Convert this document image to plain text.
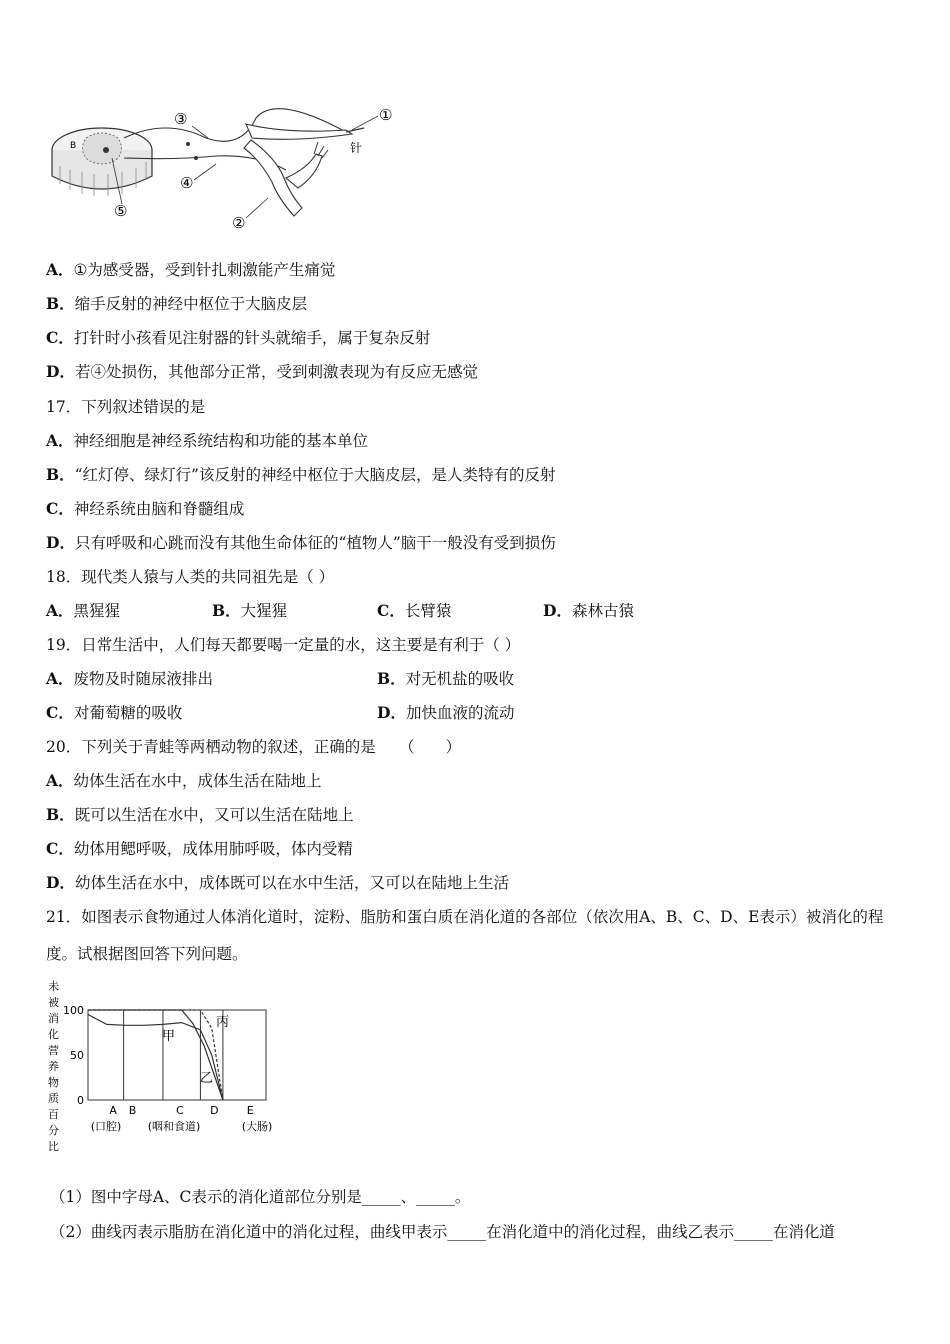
B	针
①
②
③
④
⑤
A．①为感受器，受到针扎刺激能产生痛觉
B．缩手反射的神经中枢位于大脑皮层
C．打针时小孩看见注射器的针头就缩手，属于复杂反射
D．若④处损伤，其他部分正常，受到刺激表现为有反应无感觉
17．下列叙述错误的是
A．神经细胞是神经系统结构和功能的基本单位
B．“红灯停、绿灯行”该反射的神经中枢位于大脑皮层，是人类特有的反射
C．神经系统由脑和脊髓组成
D．只有呼吸和心跳而没有其他生命体征的“植物人”脑干一般没有受到损伤
18．现代类人猿与人类的共同祖先是（ ）
A．黑猩猩	B．大猩猩	C．长臂猿	D．森林古猿
19．日常生活中，人们每天都要喝一定量的水，这主要是有利于（ ）
A．废物及时随尿液排出	B．对无机盐的吸收
C．对葡萄糖的吸收	D．加快血液的流动
20．下列关于青蛙等两栖动物的叙述，正确的是　　（　　）
A．幼体生活在水中，成体生活在陆地上
B．既可以生活在水中，又可以生活在陆地上
C．幼体用鳃呼吸，成体用肺呼吸，体内受精
D．幼体生活在水中，成体既可以在水中生活，又可以在陆地上生活
21．如图表示食物通过人体消化道时，淀粉、脂肪和蛋白质在消化道的各部位（依次用A、B、C、D、E表示）被消化的程
度。试根据图回答下列问题。
未
被
消
化
营
养
物
质
百
分
比
100
50
0
A B	C D	E
(口腔) (咽和食道)	(大肠)
甲
乙
丙
（1）图中字母A、C表示的消化道部位分别是_____、_____。
（2）曲线丙表示脂肪在消化道中的消化过程，曲线甲表示_____在消化道中的消化过程，曲线乙表示_____在消化道
